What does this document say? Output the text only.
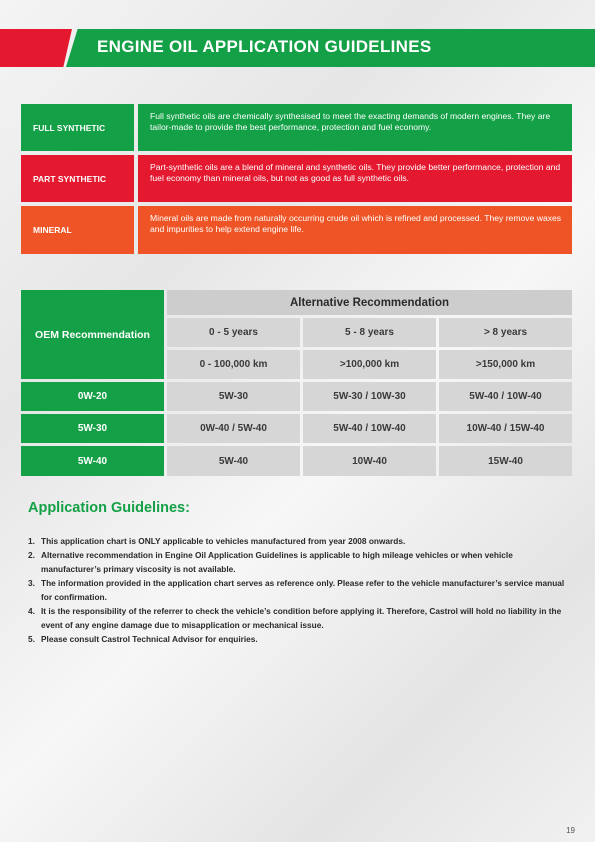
ENGINE OIL APPLICATION GUIDELINES
FULL SYNTHETIC
Full synthetic oils are chemically synthesised to meet the exacting demands of modern engines. They are tailor-made to provide the best performance, protection and fuel economy.
PART SYNTHETIC
Part-synthetic oils are a blend of mineral and synthetic oils. They provide better performance, protection and fuel economy than mineral oils, but not as good as full synthetic oils.
MINERAL
Mineral oils are made from naturally occurring crude oil which is refined and processed. They remove waxes and impurities to help extend engine life.
OEM Recommendation
Alternative Recommendation
0 - 5 years	5 - 8 years	> 8 years
0 - 100,000 km	>100,000 km	>150,000 km
0W-20	5W-30	5W-30 / 10W-30	5W-40 / 10W-40
5W-30	0W-40 / 5W-40	5W-40 / 10W-40	10W-40 / 15W-40
5W-40	5W-40	10W-40	15W-40
Application Guidelines:
1. This application chart is ONLY applicable to vehicles manufactured from year 2008 onwards.
2. Alternative recommendation in Engine Oil Application Guidelines is applicable to high mileage vehicles or when vehicle manufacturer’s primary viscosity is not available.
3. The information provided in the application chart serves as reference only. Please refer to the vehicle manufacturer’s service manual for confirmation.
4. It is the responsibility of the referrer to check the vehicle’s condition before applying it. Therefore, Castrol will hold no liability in the event of any engine damage due to misapplication or mechanical issue.
5. Please consult Castrol Technical Advisor for enquiries.
19
